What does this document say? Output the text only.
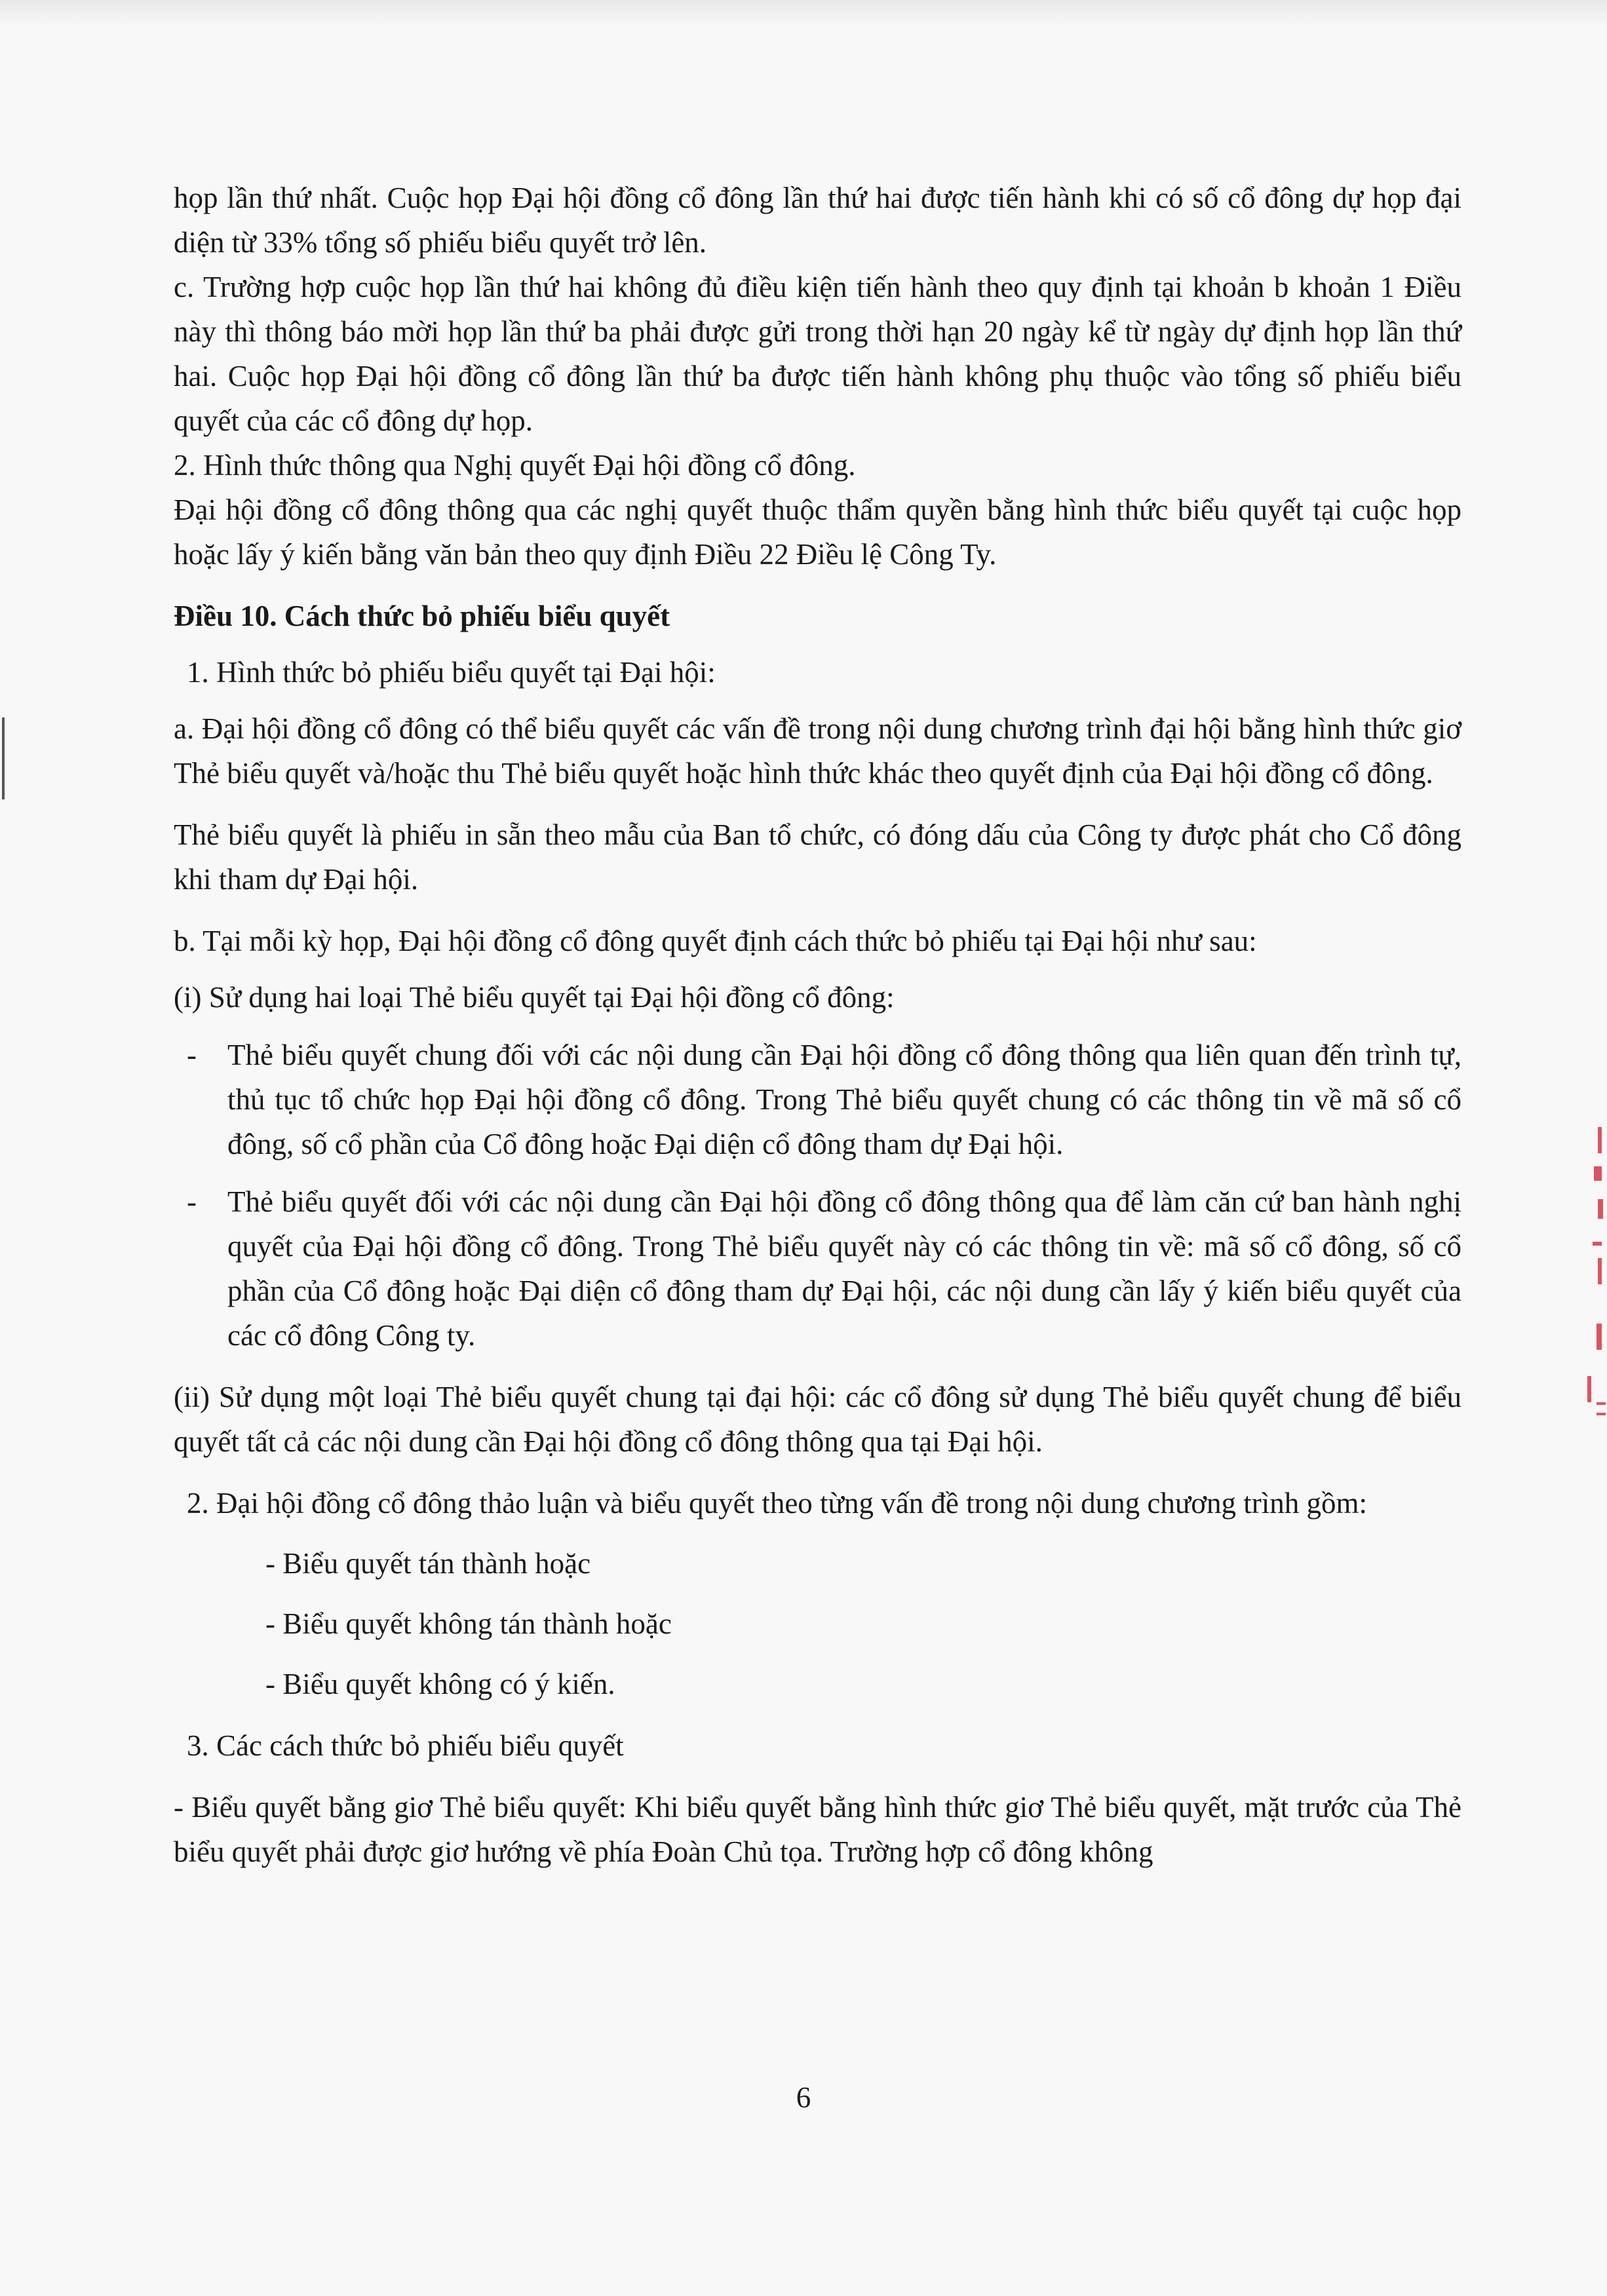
họp lần thứ nhất. Cuộc họp Đại hội đồng cổ đông lần thứ hai được tiến hành khi có số cổ đông dự họp đại diện từ 33% tổng số phiếu biểu quyết trở lên.

c. Trường hợp cuộc họp lần thứ hai không đủ điều kiện tiến hành theo quy định tại khoản b khoản 1 Điều này thì thông báo mời họp lần thứ ba phải được gửi trong thời hạn 20 ngày kể từ ngày dự định họp lần thứ hai. Cuộc họp Đại hội đồng cổ đông lần thứ ba được tiến hành không phụ thuộc vào tổng số phiếu biểu quyết của các cổ đông dự họp.

2. Hình thức thông qua Nghị quyết Đại hội đồng cổ đông.

Đại hội đồng cổ đông thông qua các nghị quyết thuộc thẩm quyền bằng hình thức biểu quyết tại cuộc họp hoặc lấy ý kiến bằng văn bản theo quy định Điều 22 Điều lệ Công Ty.

Điều 10. Cách thức bỏ phiếu biểu quyết

1. Hình thức bỏ phiếu biểu quyết tại Đại hội:

a. Đại hội đồng cổ đông có thể biểu quyết các vấn đề trong nội dung chương trình đại hội bằng hình thức giơ Thẻ biểu quyết và/hoặc thu Thẻ biểu quyết hoặc hình thức khác theo quyết định của Đại hội đồng cổ đông.

Thẻ biểu quyết là phiếu in sẵn theo mẫu của Ban tổ chức, có đóng dấu của Công ty được phát cho Cổ đông khi tham dự Đại hội.

b. Tại mỗi kỳ họp, Đại hội đồng cổ đông quyết định cách thức bỏ phiếu tại Đại hội như sau:

(i) Sử dụng hai loại Thẻ biểu quyết tại Đại hội đồng cổ đông:

- Thẻ biểu quyết chung đối với các nội dung cần Đại hội đồng cổ đông thông qua liên quan đến trình tự, thủ tục tổ chức họp Đại hội đồng cổ đông. Trong Thẻ biểu quyết chung có các thông tin về mã số cổ đông, số cổ phần của Cổ đông hoặc Đại diện cổ đông tham dự Đại hội.
- Thẻ biểu quyết đối với các nội dung cần Đại hội đồng cổ đông thông qua để làm căn cứ ban hành nghị quyết của Đại hội đồng cổ đông. Trong Thẻ biểu quyết này có các thông tin về: mã số cổ đông, số cổ phần của Cổ đông hoặc Đại diện cổ đông tham dự Đại hội, các nội dung cần lấy ý kiến biểu quyết của các cổ đông Công ty.

(ii) Sử dụng một loại Thẻ biểu quyết chung tại đại hội: các cổ đông sử dụng Thẻ biểu quyết chung để biểu quyết tất cả các nội dung cần Đại hội đồng cổ đông thông qua tại Đại hội.

2. Đại hội đồng cổ đông thảo luận và biểu quyết theo từng vấn đề trong nội dung chương trình gồm:

- Biểu quyết tán thành hoặc

- Biểu quyết không tán thành hoặc

- Biểu quyết không có ý kiến.

3. Các cách thức bỏ phiếu biểu quyết

- Biểu quyết bằng giơ Thẻ biểu quyết: Khi biểu quyết bằng hình thức giơ Thẻ biểu quyết, mặt trước của Thẻ biểu quyết phải được giơ hướng về phía Đoàn Chủ tọa. Trường hợp cổ đông không

6
